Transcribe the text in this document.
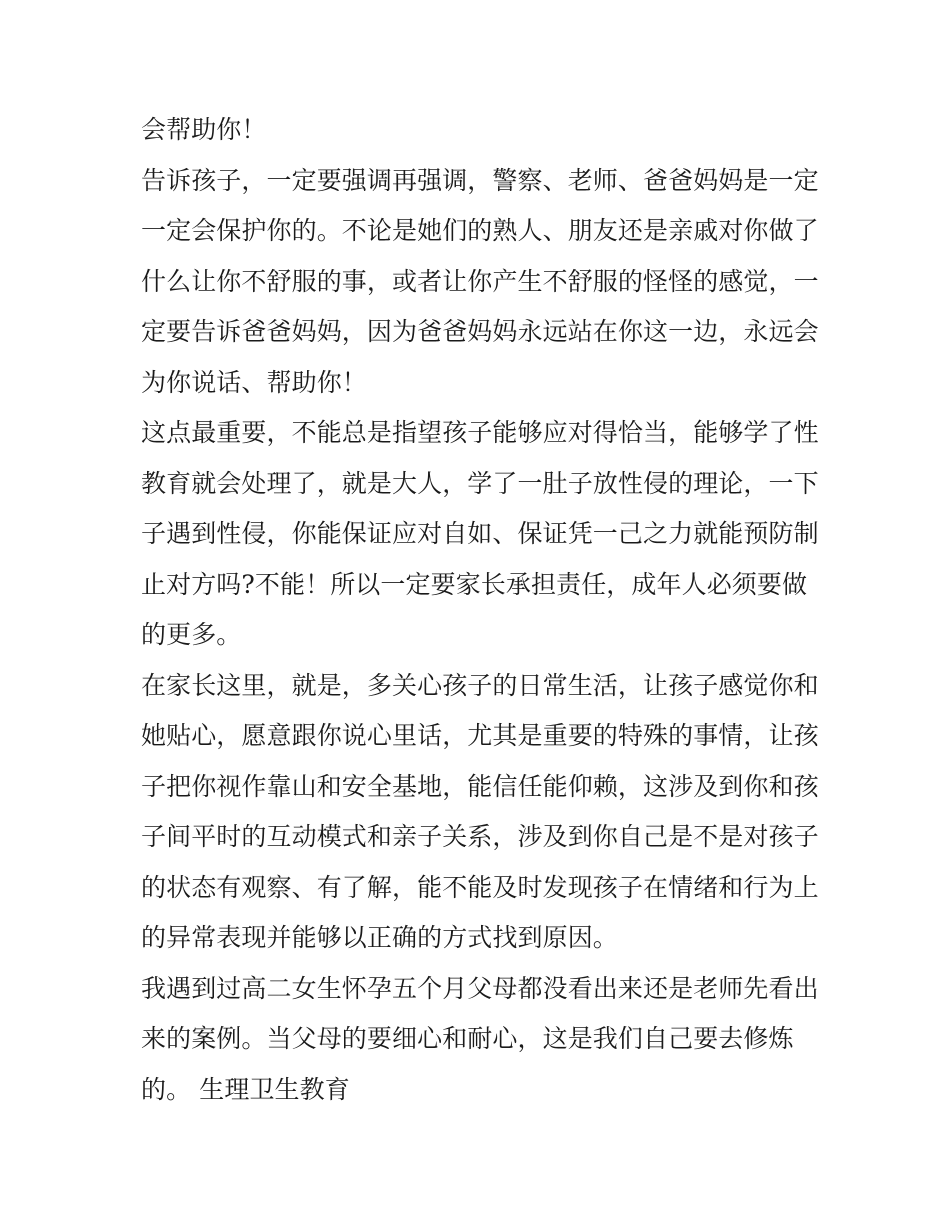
会帮助你！
告诉孩子，一定要强调再强调，警察、老师、爸爸妈妈是一定
一定会保护你的。不论是她们的熟人、朋友还是亲戚对你做了
什么让你不舒服的事，或者让你产生不舒服的怪怪的感觉，一
定要告诉爸爸妈妈，因为爸爸妈妈永远站在你这一边，永远会
为你说话、帮助你！
这点最重要，不能总是指望孩子能够应对得恰当，能够学了性
教育就会处理了，就是大人，学了一肚子放性侵的理论，一下
子遇到性侵，你能保证应对自如、保证凭一己之力就能预防制
止对方吗?不能！所以一定要家长承担责任，成年人必须要做
的更多。
在家长这里，就是，多关心孩子的日常生活，让孩子感觉你和
她贴心，愿意跟你说心里话，尤其是重要的特殊的事情，让孩
子把你视作靠山和安全基地，能信任能仰赖，这涉及到你和孩
子间平时的互动模式和亲子关系，涉及到你自己是不是对孩子
的状态有观察、有了解，能不能及时发现孩子在情绪和行为上
的异常表现并能够以正确的方式找到原因。
我遇到过高二女生怀孕五个月父母都没看出来还是老师先看出
来的案例。当父母的要细心和耐心，这是我们自己要去修炼
的。 生理卫生教育
